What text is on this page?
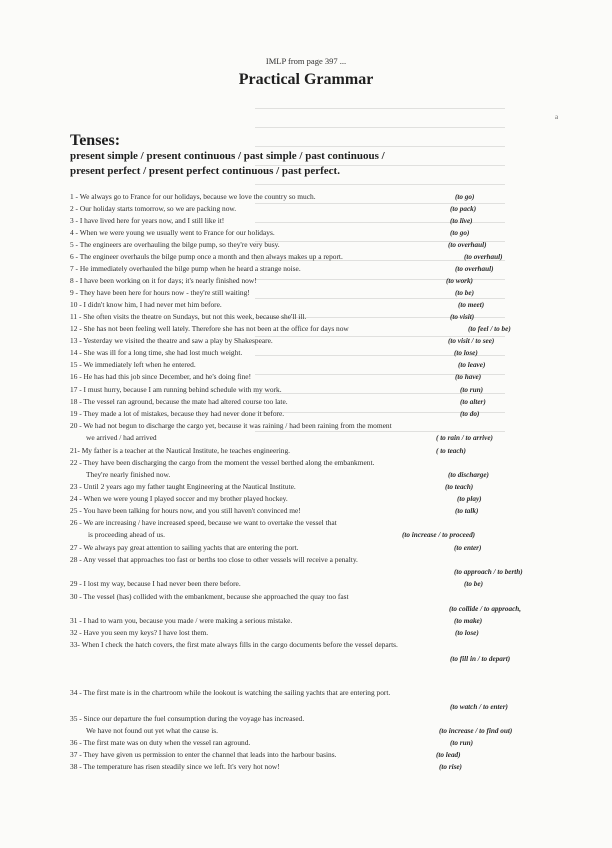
IMLP from page 397 ...
Practical Grammar
a
Tenses:
present simple / present continuous / past simple / past continuous /
present perfect / present perfect continuous / past perfect.
1 - We always go to France for our holidays, because we love the country so much.	(to go)
2 - Our holiday starts tomorrow, so we are packing now.	(to pack)
3 - I have lived here for years now, and I still like it!	(to live)
4 - When we were young we usually went to France for our holidays.	(to go)
5 - The engineers are overhauling the bilge pump, so they're very busy.	(to overhaul)
6 - The engineer overhauls the bilge pump once a month and then always makes up a report.	(to overhaul)
7 - He immediately overhauled the bilge pump when he heard a strange noise.	(to overhaul)
8 - I have been working on it for days; it's nearly finished now!	(to work)
9 - They have been here for hours now - they're still waiting!	(to be)
10 - I didn't know him, I had never met him before.	(to meet)
11 - She often visits the theatre on Sundays, but not this week, because she'll ill.	(to visit)
12 - She has not been feeling well lately. Therefore she has not been at the office for days now	(to feel / to be)
13 - Yesterday we visited the theatre and saw a play by Shakespeare.	(to visit / to see)
14 - She was ill for a long time, she had lost much weight.	(to lose)
15 - We immediately left when he entered.	(to leave)
16 - He has had this job since December, and he's doing fine!	(to have)
17 - I must hurry, because I am running behind schedule with my work.	(to run)
18 - The vessel ran aground, because the mate had altered course too late.	(to alter)
19 - They made a lot of mistakes, because they had never done it before.	(to do)
20 - We had not begun to discharge the cargo yet, because it was raining / had been raining from the moment
we arrived / had arrived	( to rain / to arrive)
21- My father is a teacher at the Nautical Institute, he teaches engineering.	( to teach)
22 - They have been discharging the cargo from the moment the vessel berthed along the embankment.
They're nearly finished now.	(to discharge)
23 - Until 2 years ago my father taught Engineering at the Nautical Institute.	(to teach)
24 - When we were young I played soccer and my brother played hockey.	(to play)
25 - You have been talking for hours now, and you still haven't convinced me!	(to talk)
26 - We are increasing / have increased speed, because we want to overtake the vessel that
is proceeding ahead of us.	(to increase / to proceed)
27 - We always pay great attention to sailing yachts that are entering the port.	(to enter)
28 - Any vessel that approaches too fast or berths too close to other vessels will receive a penalty.
(to approach / to berth)
29 - I lost my way, because I had never been there before.	(to be)
30 - The vessel (has) collided with the embankment, because she approached the quay too fast
(to collide / to approach,
31 - I had to warn you, because you made / were making a serious mistake.	(to make)
32 - Have you seen my keys? I have lost them.	(to lose)
33- When I check the hatch covers, the first mate always fills in the cargo documents before the vessel departs.
(to fill in / to depart)
34 - The first mate is in the chartroom while the lookout is watching the sailing yachts that are entering port.
(to watch / to enter)
35 - Since our departure the fuel consumption during the voyage has increased.
We have not found out yet what the cause is.	(to increase / to find out)
36 - The first mate was on duty when the vessel ran aground.	(to run)
37 - They have given us permission to enter the channel that leads into the harbour basins.	(to lead)
38 - The temperature has risen steadily since we left. It's very hot now!	(to rise)
